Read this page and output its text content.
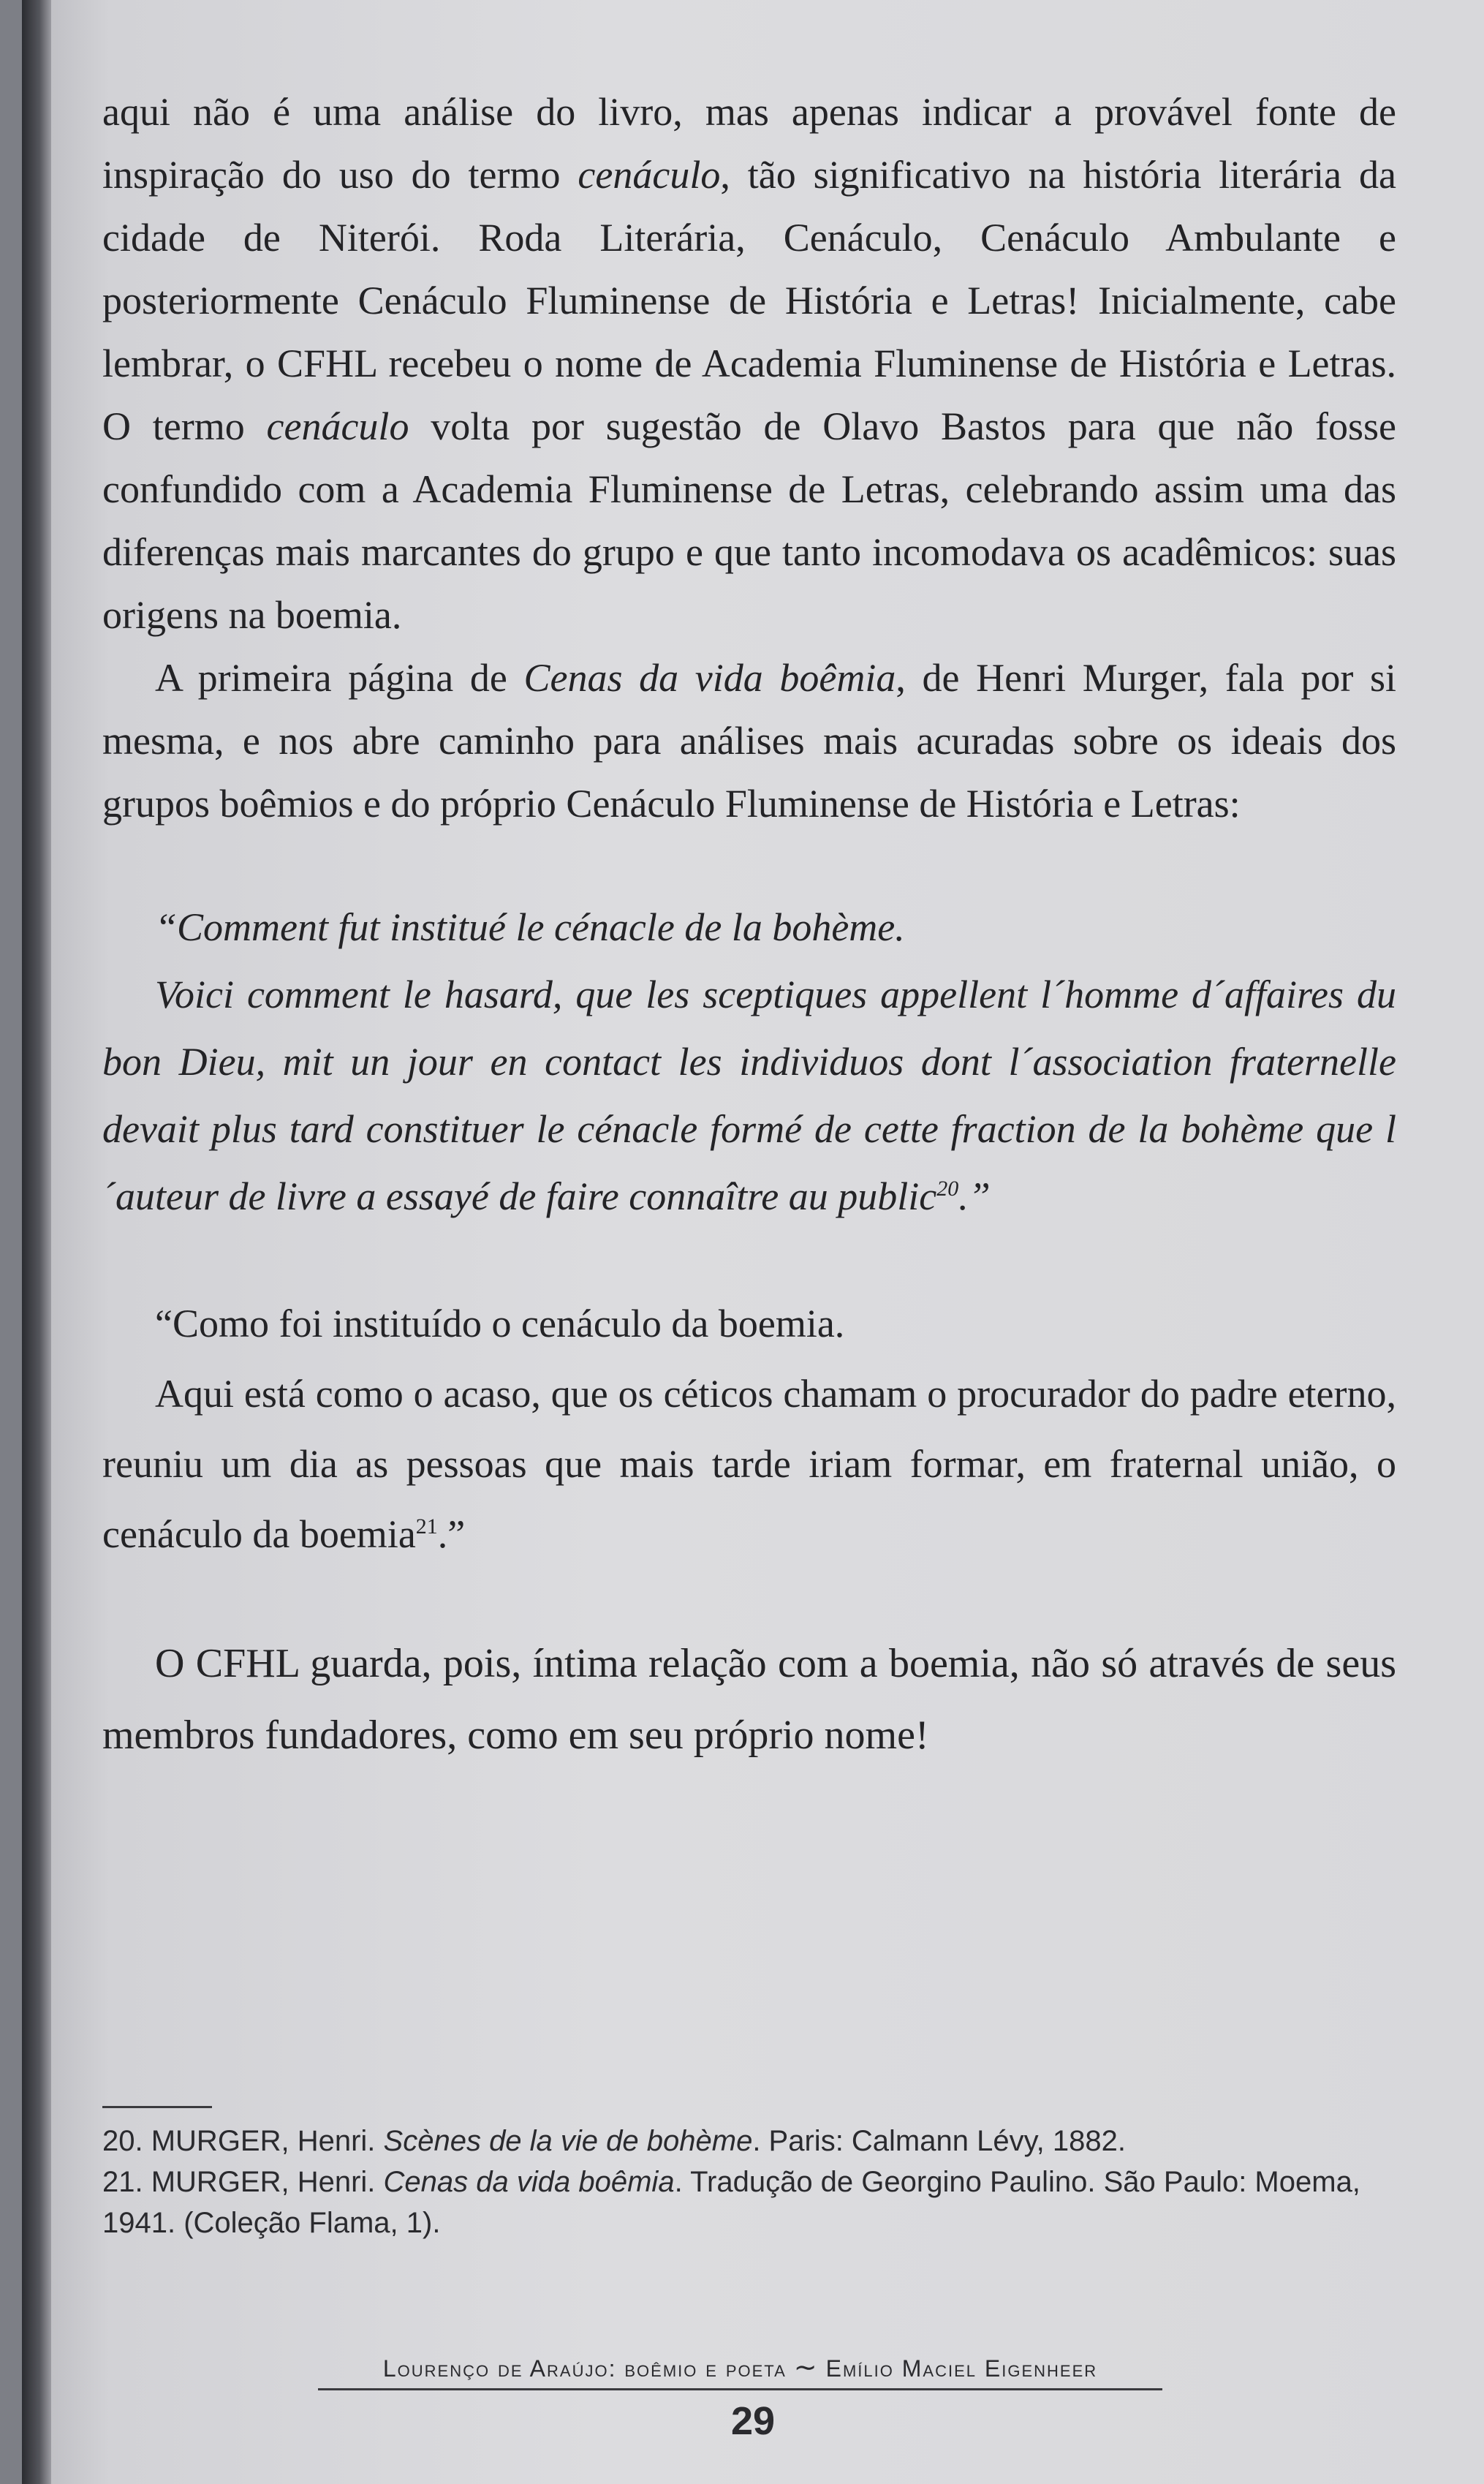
aqui não é uma análise do livro, mas apenas indicar a provável fonte de inspiração do uso do termo cenáculo, tão significativo na história literária da cidade de Niterói. Roda Literária, Cenáculo, Cenáculo Ambulante e posteriormente Cenáculo Fluminense de História e Letras! Inicialmente, cabe lembrar, o CFHL recebeu o nome de Academia Fluminense de História e Letras. O termo cenáculo volta por sugestão de Olavo Bastos para que não fosse confundido com a Academia Fluminense de Letras, celebrando assim uma das diferenças mais marcantes do grupo e que tanto incomodava os acadêmicos: suas origens na boemia.

A primeira página de Cenas da vida boêmia, de Henri Murger, fala por si mesma, e nos abre caminho para análises mais acuradas sobre os ideais dos grupos boêmios e do próprio Cenáculo Fluminense de História e Letras:

“Comment fut institué le cénacle de la bohème.

Voici comment le hasard, que les sceptiques appellent l´homme d´affaires du bon Dieu, mit un jour en contact les individuos dont l´association fraternelle devait plus tard constituer le cénacle formé de cette fraction de la bohème que l´auteur de livre a essayé de faire connaître au public$^{20}$.”

“Como foi instituído o cenáculo da boemia.

Aqui está como o acaso, que os céticos chamam o procurador do padre eterno, reuniu um dia as pessoas que mais tarde iriam formar, em fraternal união, o cenáculo da boemia$^{21}$.”

O CFHL guarda, pois, íntima relação com a boemia, não só através de seus membros fundadores, como em seu próprio nome!

20. MURGER, Henri. Scènes de la vie de bohème. Paris: Calmann Lévy, 1882.

21. MURGER, Henri. Cenas da vida boêmia. Tradução de Georgino Paulino. São Paulo: Moema, 1941. (Coleção Flama, 1).

Lourenço de Araújo: boêmio e poeta ∼ Emílio Maciel Eigenheer
29
